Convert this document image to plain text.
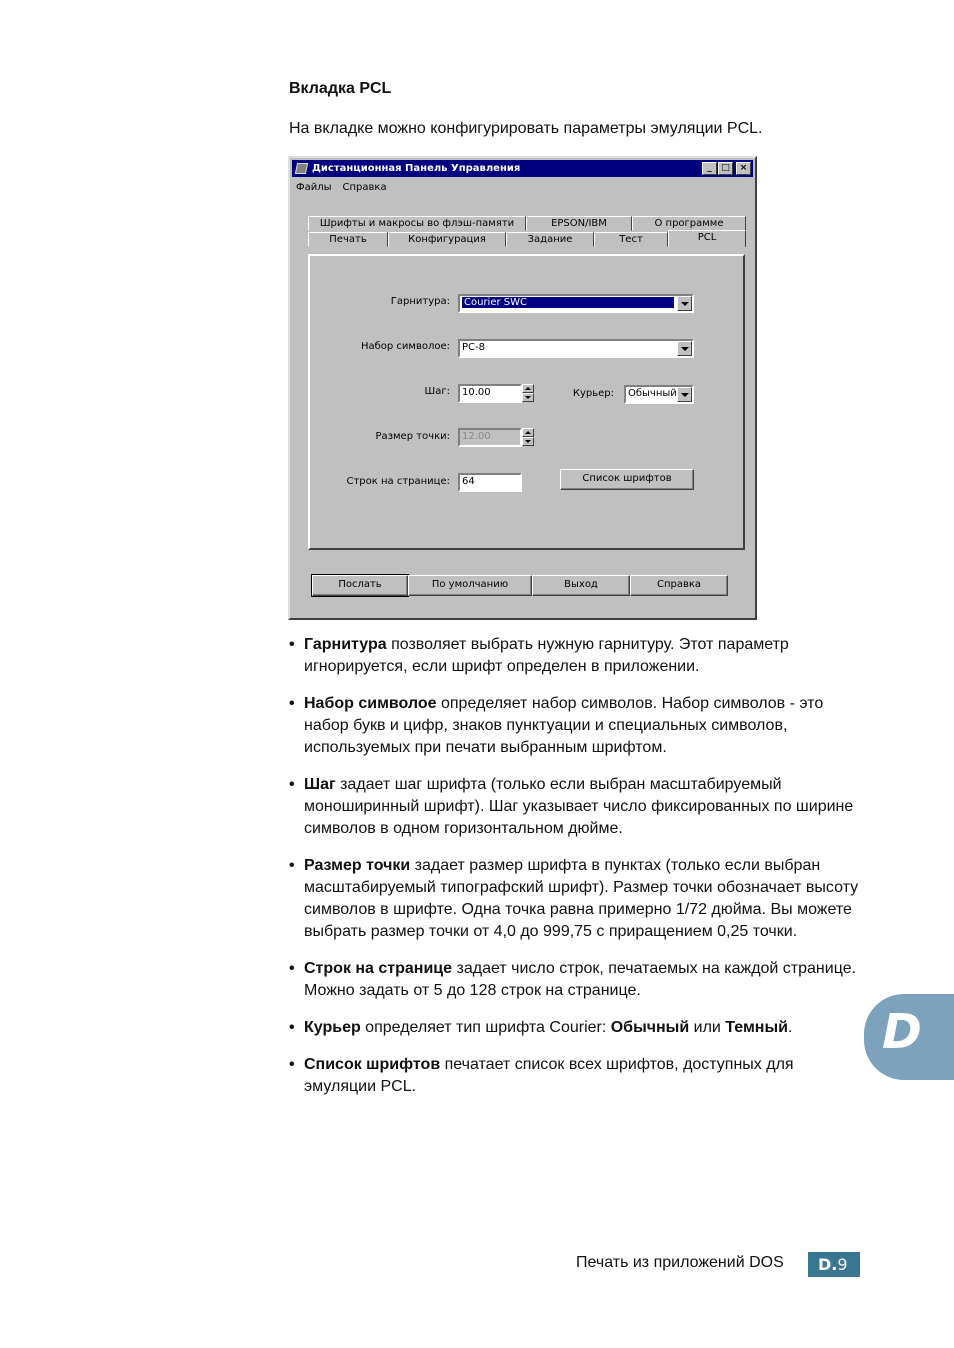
Вкладка PCL
На вкладке можно конфигурировать параметры эмуляции PCL.
Дистанционная Панель Управления	_	□	×
Файлы Справка
Шрифты и макросы во флэш-памяти	EPSON/IBM	О программе
Печать	Конфигурация	Задание	Тест	PCL
Гарнитура: Courier SWC
Набор символое: PC-8
Шаг: 10.00	Курьер: Обычный
Размер точки: 12.00
Строк на странице: 64	Список шрифтов
Послать	По умолчанию	Выход	Справка
• Гарнитура позволяет выбрать нужную гарнитуру. Этот параметр игнорируется, если шрифт определен в приложении.
• Набор символое определяет набор символов. Набор символов - это набор букв и цифр, знаков пунктуации и специальных символов, используемых при печати выбранным шрифтом.
• Шаг задает шаг шрифта (только если выбран масштабируемый моноширинный шрифт). Шаг указывает число фиксированных по ширине символов в одном горизонтальном дюйме.
• Размер точки задает размер шрифта в пунктах (только если выбран масштабируемый типографский шрифт). Размер точки обозначает высоту символов в шрифте. Одна точка равна примерно 1/72 дюйма. Вы можете выбрать размер точки от 4,0 до 999,75 с приращением 0,25 точки.
• Строк на странице задает число строк, печатаемых на каждой странице. Можно задать от 5 до 128 строк на странице.
• Курьер определяет тип шрифта Courier: Обычный или Темный.
• Список шрифтов печатает список всех шрифтов, доступных для эмуляции PCL.
D
Печать из приложений DOS	D.9
